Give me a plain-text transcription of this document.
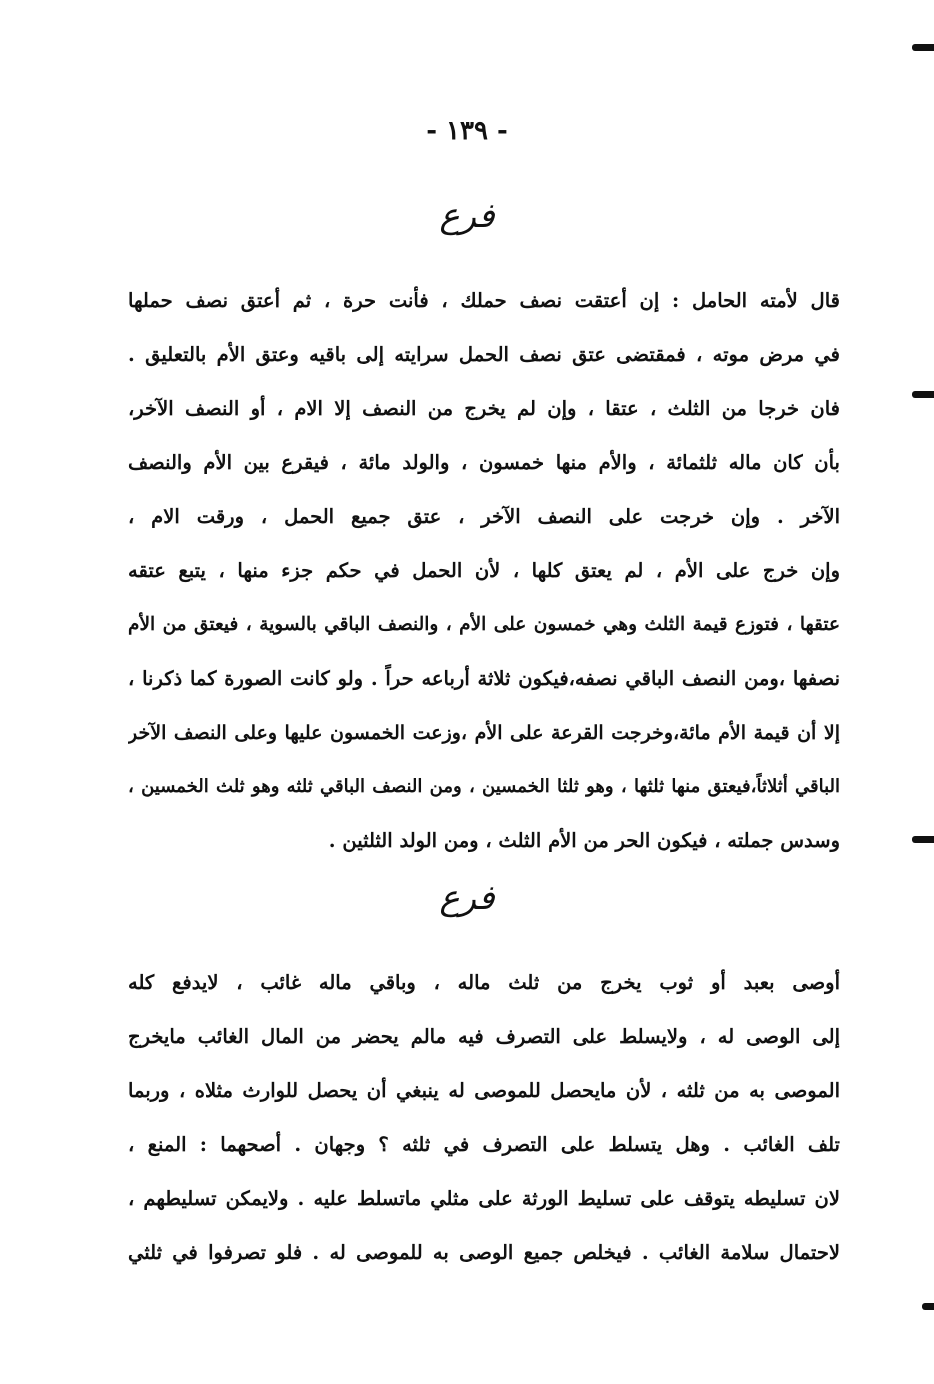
- ١٣٩ -
فرع
قال لأمته الحامل : إن أعتقت نصف حملك ، فأنت حرة ، ثم أعتق نصف حملها
في مرض موته ، فمقتضى عتق نصف الحمل سرايته إلى باقيه وعتق الأم بالتعليق .
فان خرجا من الثلث ، عتقا ، وإن لم يخرج من النصف إلا الام ، أو النصف الآخر،
بأن كان ماله ثلثمائة ، والأم منها خمسون ، والولد مائة ، فيقرع بين الأم والنصف
الآخر . وإن خرجت على النصف الآخر ، عتق جميع الحمل ، ورقت الام ،
وإن خرج على الأم ، لم يعتق كلها ، لأن الحمل في حكم جزء منها ، يتبع عتقه
عتقها ، فتوزع قيمة الثلث وهي خمسون على الأم ، والنصف الباقي بالسوية ، فيعتق من الأم
نصفها ،ومن النصف الباقي نصفه،فيكون ثلاثة أرباعه حراً . ولو كانت الصورة كما ذكرنا ،
إلا أن قيمة الأم مائة،وخرجت القرعة على الأم ،وزعت الخمسون عليها وعلى النصف الآخر
الباقي أثلاثاً،فيعتق منها ثلثها ، وهو ثلثا الخمسين ، ومن النصف الباقي ثلثه وهو ثلث الخمسين ،
وسدس جملته ، فيكون الحر من الأم الثلث ، ومن الولد الثلثين .
فرع
أوصى بعبد أو ثوب يخرج من ثلث ماله ، وباقي ماله غائب ، لايدفع كله
إلى الوصى له ، ولايسلط على التصرف فيه مالم يحضر من المال الغائب مايخرج
الموصى به من ثلثه ، لأن مايحصل للموصى له ينبغي أن يحصل للوارث مثلاه ، وربما
تلف الغائب . وهل يتسلط على التصرف في ثلثه ؟ وجهان . أصحهما : المنع ،
لان تسليطه يتوقف على تسليط الورثة على مثلي ماتسلط عليه . ولايمكن تسليطهم ،
لاحتمال سلامة الغائب . فيخلص جميع الوصى به للموصى له . فلو تصرفوا في ثلثي
